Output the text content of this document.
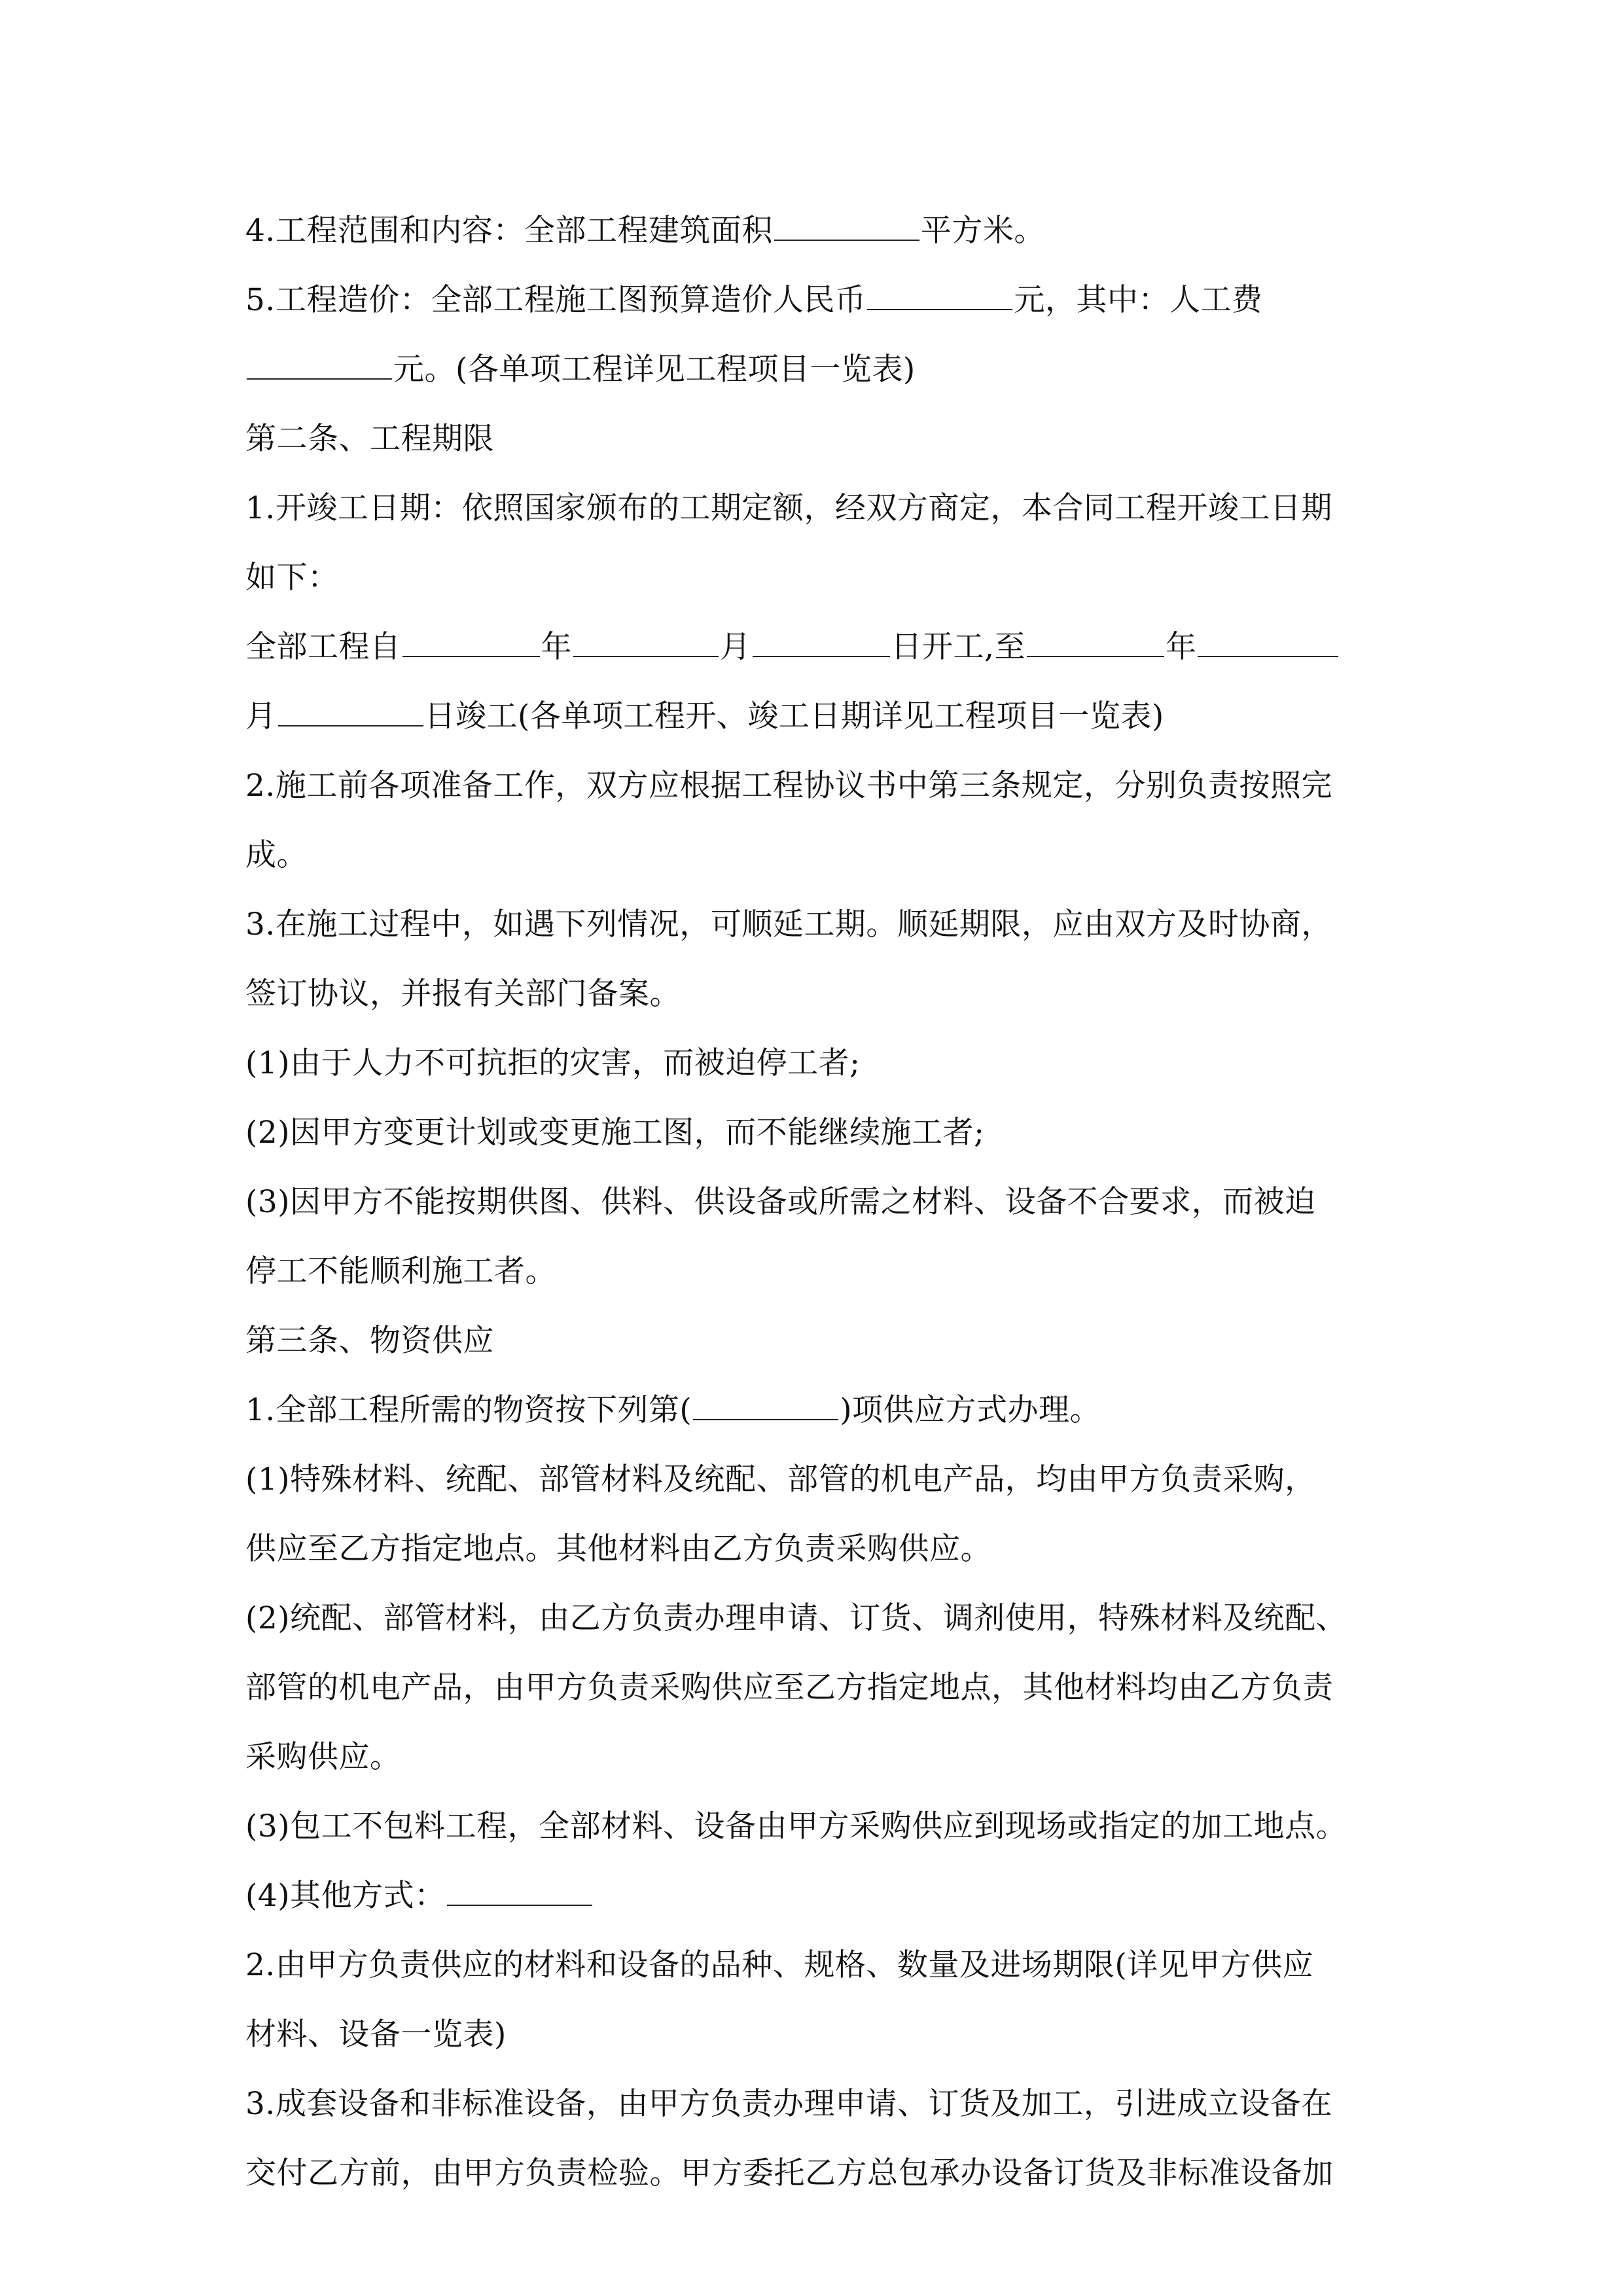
4.工程范围和内容：全部工程建筑面积	平方米。
5.工程造价：全部工程施工图预算造价人民币	元，其中：人工费
元。(各单项工程详见工程项目一览表)
第二条、工程期限
1.开竣工日期：依照国家颁布的工期定额，经双方商定，本合同工程开竣工日期
如下：
全部工程自	年	月	日开工,至	年
月	日竣工(各单项工程开、竣工日期详见工程项目一览表)
2.施工前各项准备工作，双方应根据工程协议书中第三条规定，分别负责按照完
成。
3.在施工过程中，如遇下列情况，可顺延工期。顺延期限，应由双方及时协商，
签订协议，并报有关部门备案。
(1)由于人力不可抗拒的灾害，而被迫停工者;
(2)因甲方变更计划或变更施工图，而不能继续施工者;
(3)因甲方不能按期供图、供料、供设备或所需之材料、设备不合要求，而被迫
停工不能顺利施工者。
第三条、物资供应
1.全部工程所需的物资按下列第(	)项供应方式办理。
(1)特殊材料、统配、部管材料及统配、部管的机电产品，均由甲方负责采购，
供应至乙方指定地点。其他材料由乙方负责采购供应。
(2)统配、部管材料，由乙方负责办理申请、订货、调剂使用，特殊材料及统配、
部管的机电产品，由甲方负责采购供应至乙方指定地点，其他材料均由乙方负责
采购供应。
(3)包工不包料工程，全部材料、设备由甲方采购供应到现场或指定的加工地点。
(4)其他方式：
2.由甲方负责供应的材料和设备的品种、规格、数量及进场期限(详见甲方供应
材料、设备一览表)
3.成套设备和非标准设备，由甲方负责办理申请、订货及加工，引进成立设备在
交付乙方前，由甲方负责检验。甲方委托乙方总包承办设备订货及非标准设备加
